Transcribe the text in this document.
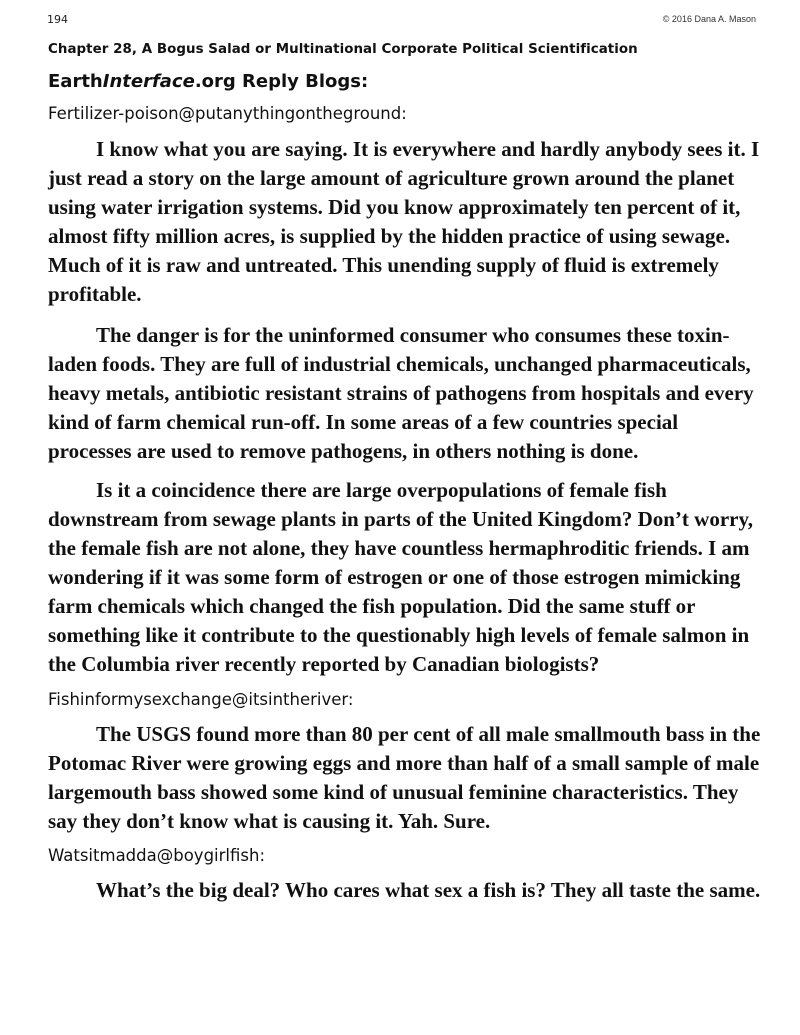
194	© 2016 Dana A. Mason
Chapter 28, A Bogus Salad or Multinational Corporate Political Scientification
EarthInterface.org Reply Blogs:

Fertilizer-poison@putanythingontheground:

I know what you are saying. It is everywhere and hardly anybody sees it. I just read a story on the large amount of agriculture grown around the planet using water irrigation systems. Did you know approximately ten percent of it, almost fifty million acres, is supplied by the hidden practice of using sewage. Much of it is raw and untreated. This unending supply of fluid is extremely profitable.

The danger is for the uninformed consumer who consumes these toxin-laden foods. They are full of industrial chemicals, unchanged pharmaceuticals, heavy metals, antibiotic resistant strains of pathogens from hospitals and every kind of farm chemical run-off. In some areas of a few countries special processes are used to remove pathogens, in others nothing is done.

Is it a coincidence there are large overpopulations of female fish downstream from sewage plants in parts of the United Kingdom? Don’t worry, the female fish are not alone, they have countless hermaphroditic friends. I am wondering if it was some form of estrogen or one of those estrogen mimicking farm chemicals which changed the fish population. Did the same stuff or something like it contribute to the questionably high levels of female salmon in the Columbia river recently reported by Canadian biologists?

Fishinformysexchange@itsintheriver:

The USGS found more than 80 per cent of all male smallmouth bass in the Potomac River were growing eggs and more than half of a small sample of male largemouth bass showed some kind of unusual feminine characteristics. They say they don’t know what is causing it. Yah. Sure.

Watsitmadda@boygirlfish:

What’s the big deal? Who cares what sex a fish is? They all taste the same.
